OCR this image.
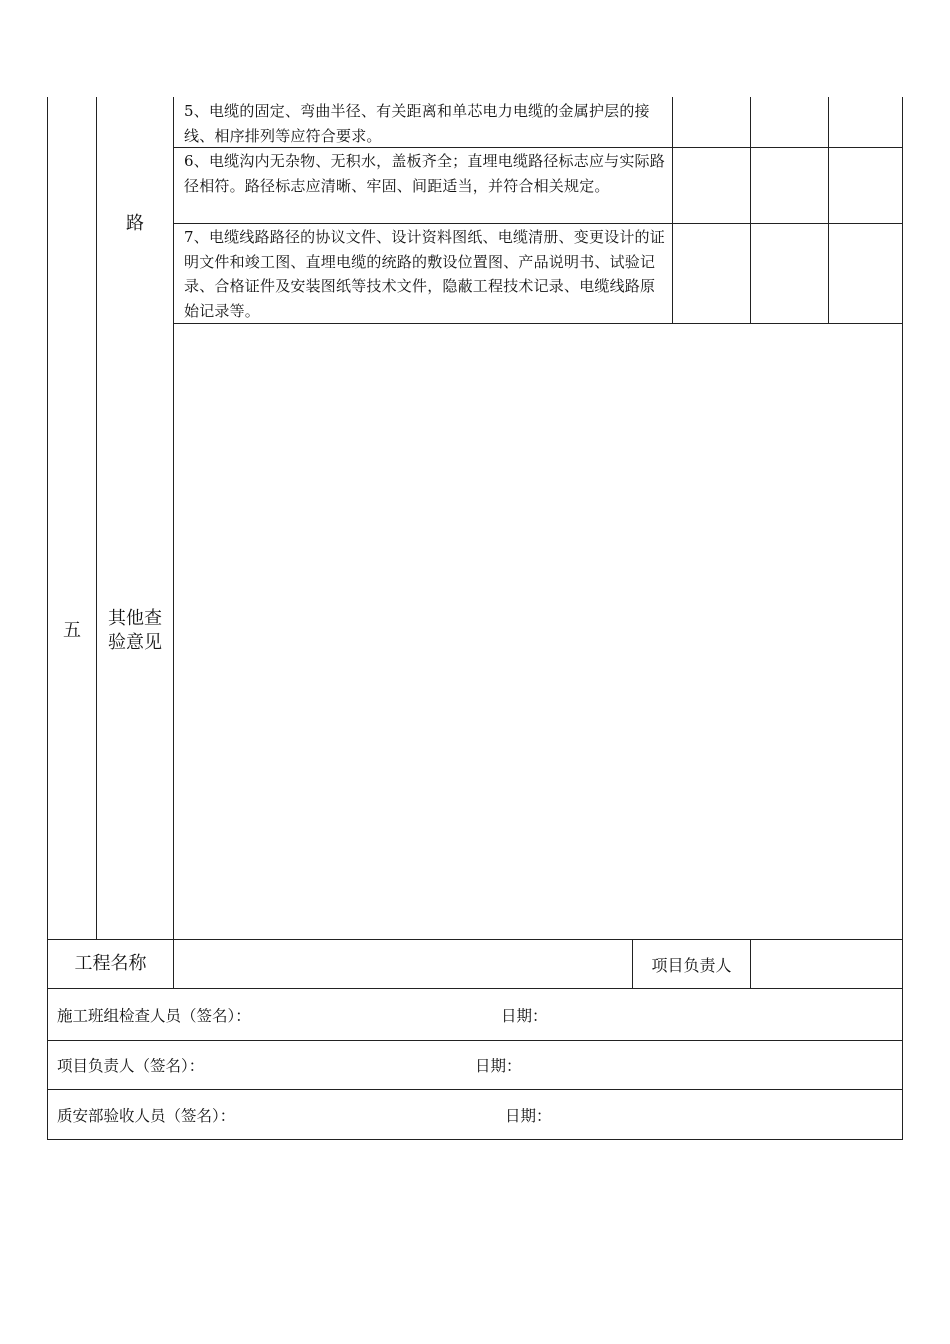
5、电缆的固定、弯曲半径、有关距离和单芯电力电缆的金属护层的接线、相序排列等应符合要求。
6、电缆沟内无杂物、无积水，盖板齐全；直埋电缆路径标志应与实际路径相符。路径标志应清晰、牢固、间距适当，并符合相关规定。
7、电缆线路路径的协议文件、设计资料图纸、电缆清册、变更设计的证明文件和竣工图、直埋电缆的统路的敷设位置图、产品说明书、试验记录、合格证件及安装图纸等技术文件，隐蔽工程技术记录、电缆线路原始记录等。
路
五
其他查验意见
工程名称	项目负责人
施工班组检查人员（签名）：	日期：
项目负责人（签名）：	日期：
质安部验收人员（签名）：	日期：
